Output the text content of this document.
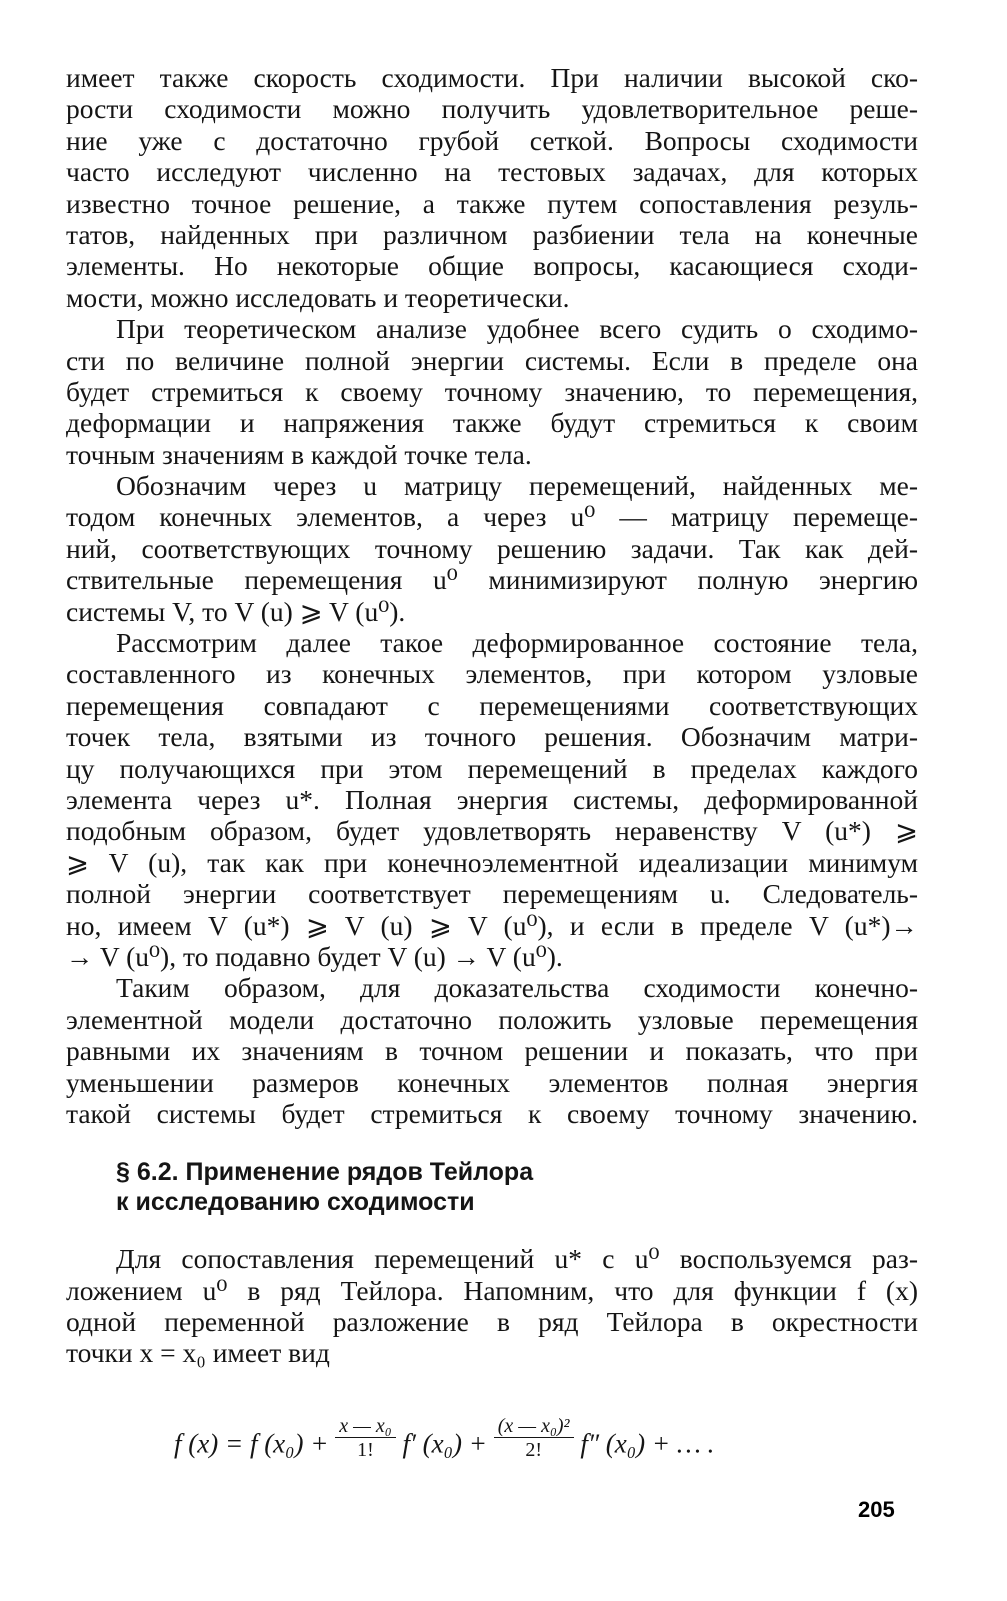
имеет также скорость сходимости. При наличии высокой ско-
рости сходимости можно получить удовлетворительное реше-
ние уже с достаточно грубой сеткой. Вопросы сходимости
часто исследуют численно на тестовых задачах, для которых
известно точное решение, а также путем сопоставления резуль-
татов, найденных при различном разбиении тела на конечные
элементы. Но некоторые общие вопросы, касающиеся сходи-
мости, можно исследовать и теоретически.
При теоретическом анализе удобнее всего судить о сходимо-
сти по величине полной энергии системы. Если в пределе она
будет стремиться к своему точному значению, то перемещения,
деформации и напряжения также будут стремиться к своим
точным значениям в каждой точке тела.
Обозначим через u матрицу перемещений, найденных ме-
тодом конечных элементов, а через u⁰ — матрицу перемеще-
ний, соответствующих точному решению задачи. Так как дей-
ствительные перемещения u⁰ минимизируют полную энергию
системы V, то V (u) ⩾ V (u⁰).
Рассмотрим далее такое деформированное состояние тела,
составленного из конечных элементов, при котором узловые
перемещения совпадают с перемещениями соответствующих
точек тела, взятыми из точного решения. Обозначим матри-
цу получающихся при этом перемещений в пределах каждого
элемента через u*. Полная энергия системы, деформированной
подобным образом, будет удовлетворять неравенству V (u*) ⩾
⩾ V (u), так как при конечноэлементной идеализации минимум
полной энергии соответствует перемещениям u. Следователь-
но, имеем V (u*) ⩾ V (u) ⩾ V (u⁰), и если в пределе V (u*)→
→ V (u⁰), то подавно будет V (u) → V (u⁰).
Таким образом, для доказательства сходимости конечно-
элементной модели достаточно положить узловые перемещения
равными их значениям в точном решении и показать, что при
уменьшении размеров конечных элементов полная энергия
такой системы будет стремиться к своему точному значению.
§ 6.2. Применение рядов Тейлора
к исследованию сходимости
Для сопоставления перемещений u* с u⁰ воспользуемся раз-
ложением u⁰ в ряд Тейлора. Напомним, что для функции f (x)
одной переменной разложение в ряд Тейлора в окрестности
точки x = x₀ имеет вид
f (x) = f $(x_0) + \frac{\text{x — x₀}}{1!} f'$ $(x_0) + \frac{\text{(x — x₀)²}}{2!} f''$ (x₀) + … .
205
